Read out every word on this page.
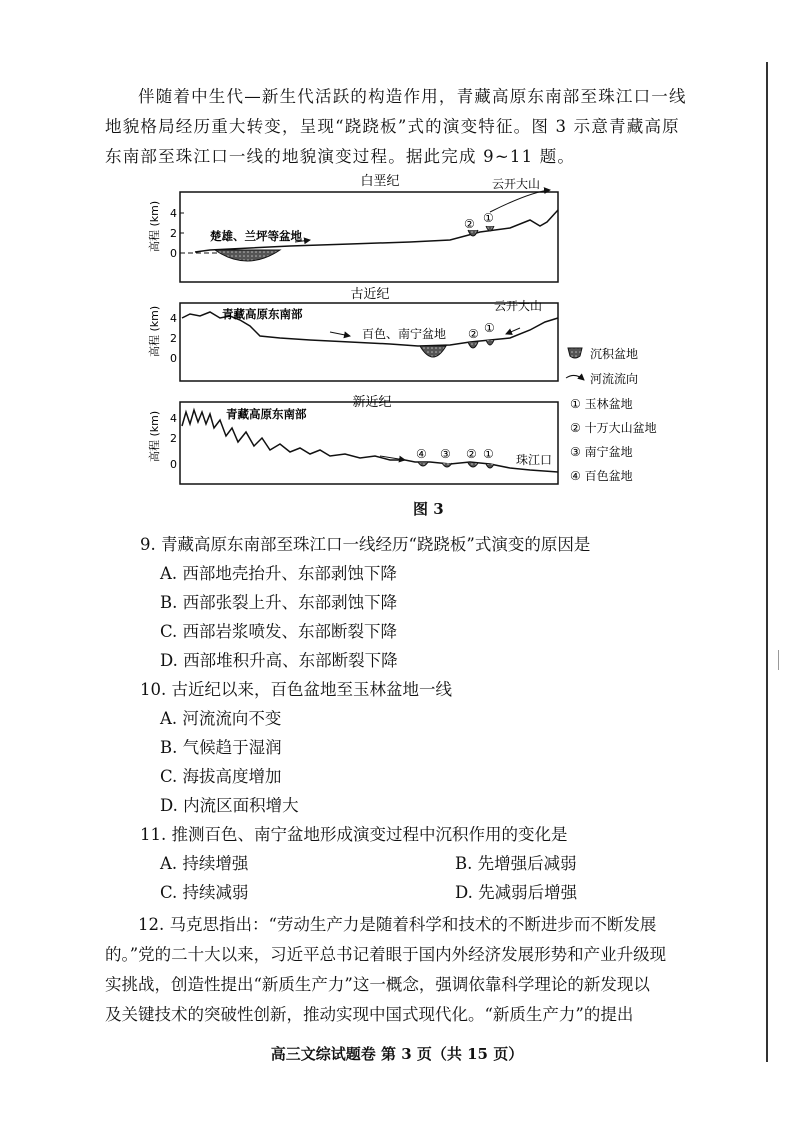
伴随着中生代—新生代活跃的构造作用，青藏高原东南部至珠江口一线
地貌格局经历重大转变，呈现“跷跷板”式的演变特征。图 3 示意青藏高原
东南部至珠江口一线的地貌演变过程。据此完成 9~11 题。
白垩纪
4
2
0
高程 (km)	楚雄、兰坪等盆地
云开大山
② ①
古近纪
4
2
0
高程 (km)	② ①
青藏高原东南部
百色、南宁盆地
云开大山
新近纪
4
2
0
高程 (km)	④ ③ ② ①
青藏高原东南部
珠江口
沉积盆地
河流流向
① 玉林盆地
② 十万大山盆地
③ 南宁盆地
④ 百色盆地
图 3
9. 青藏高原东南部至珠江口一线经历“跷跷板”式演变的原因是
A. 西部地壳抬升、东部剥蚀下降
B. 西部张裂上升、东部剥蚀下降
C. 西部岩浆喷发、东部断裂下降
D. 西部堆积升高、东部断裂下降
10. 古近纪以来，百色盆地至玉林盆地一线
A. 河流流向不变
B. 气候趋于湿润
C. 海拔高度增加
D. 内流区面积增大
11. 推测百色、南宁盆地形成演变过程中沉积作用的变化是
A. 持续增强	B. 先增强后减弱
C. 持续减弱	D. 先减弱后增强
12. 马克思指出：“劳动生产力是随着科学和技术的不断进步而不断发展
的。”党的二十大以来，习近平总书记着眼于国内外经济发展形势和产业升级现
实挑战，创造性提出“新质生产力”这一概念，强调依靠科学理论的新发现以
及关键技术的突破性创新，推动实现中国式现代化。“新质生产力”的提出
高三文综试题卷 第 3 页（共 15 页）
